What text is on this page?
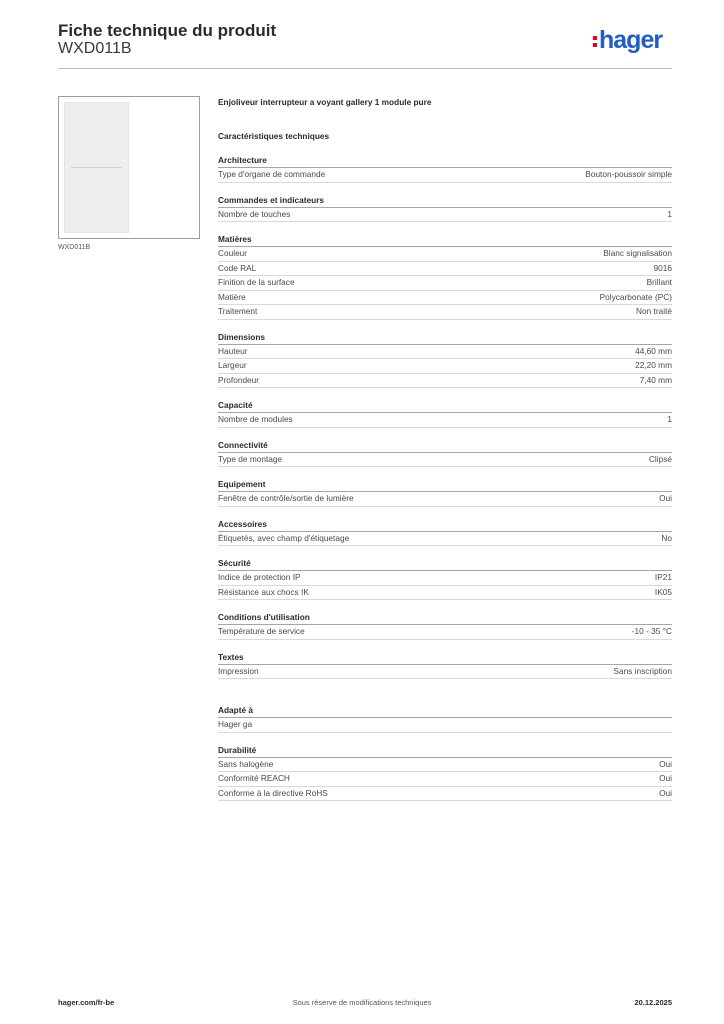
Fiche technique du produit
WXD011B	hager
WXD011B
Enjoliveur interrupteur a voyant gallery 1 module pure
Caractéristiques techniques
Architecture
Type d'organe de commande	Bouton-poussoir simple
Commandes et indicateurs
Nombre de touches	1
Matières
Couleur	Blanc signalisation
Code RAL	9016
Finition de la surface	Brillant
Matière	Polycarbonate (PC)
Traitement	Non traité
Dimensions
Hauteur	44,60 mm
Largeur	22,20 mm
Profondeur	7,40 mm
Capacité
Nombre de modules	1
Connectivité
Type de montage	Clipsé
Equipement
Fenêtre de contrôle/sortie de lumière	Oui
Accessoires
Étiquetés, avec champ d'étiquetage	No
Sécurité
Indice de protection IP	IP21
Résistance aux chocs IK	IK05
Conditions d'utilisation
Température de service	-10 - 35 °C
Textes
Impression	Sans inscription
Adapté à
Hager ga
Durabilité
Sans halogène	Oui
Conformité REACH	Oui
Conforme à la directive RoHS	Oui
hager.com/fr-be	Sous réserve de modifications techniques	20.12.2025
